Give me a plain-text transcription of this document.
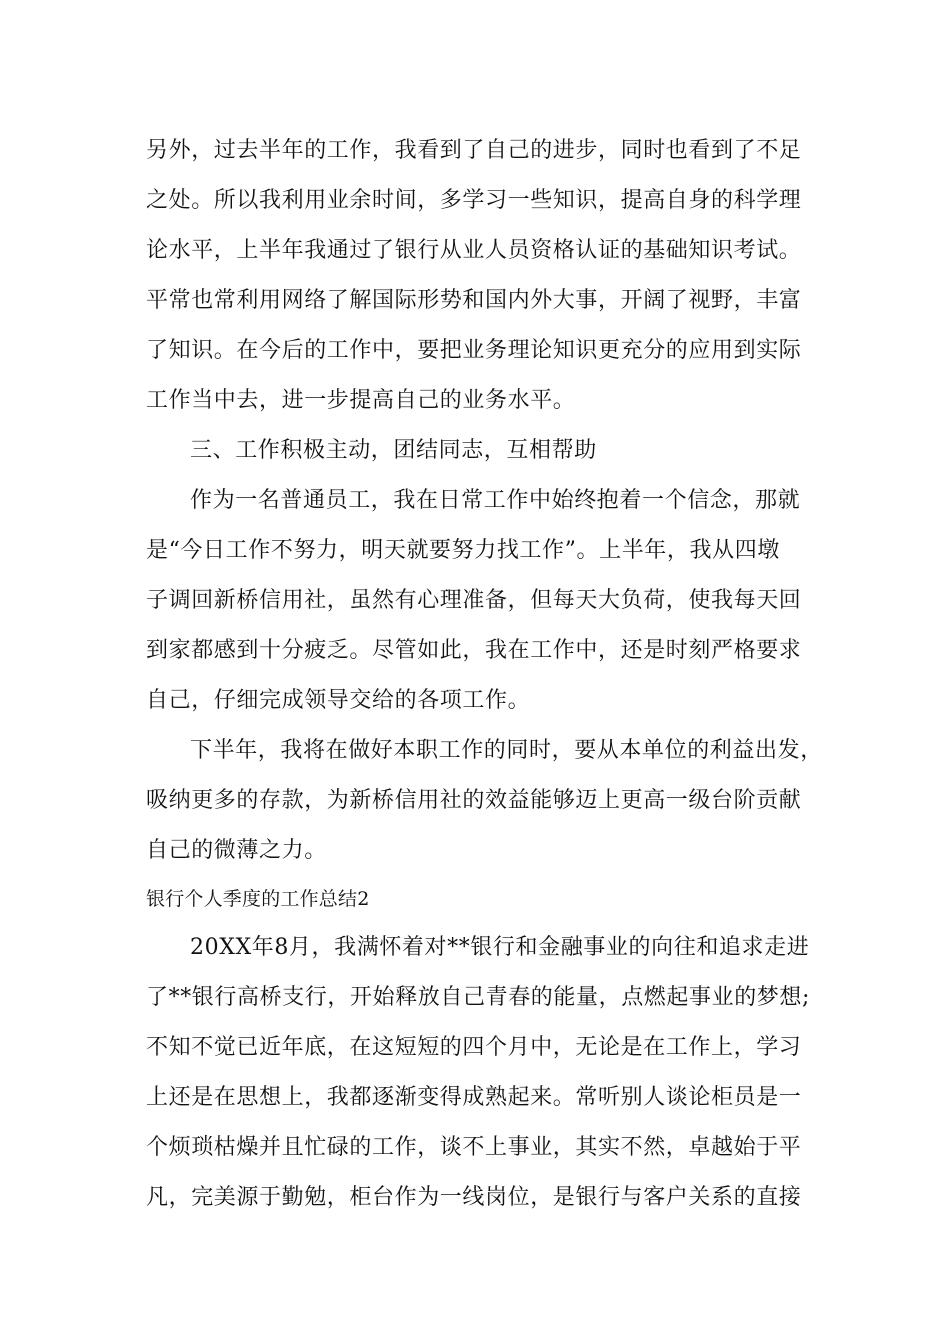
另外，过去半年的工作，我看到了自己的进步，同时也看到了不足
之处。所以我利用业余时间，多学习一些知识，提高自身的科学理
论水平，上半年我通过了银行从业人员资格认证的基础知识考试。
平常也常利用网络了解国际形势和国内外大事，开阔了视野，丰富
了知识。在今后的工作中，要把业务理论知识更充分的应用到实际
工作当中去，进一步提高自己的业务水平。
三、工作积极主动，团结同志，互相帮助
作为一名普通员工，我在日常工作中始终抱着一个信念，那就
是“今日工作不努力，明天就要努力找工作”。上半年，我从四墩
子调回新桥信用社，虽然有心理准备，但每天大负荷，使我每天回
到家都感到十分疲乏。尽管如此，我在工作中，还是时刻严格要求
自己，仔细完成领导交给的各项工作。
下半年，我将在做好本职工作的同时，要从本单位的利益出发，
吸纳更多的存款，为新桥信用社的效益能够迈上更高一级台阶贡献
自己的微薄之力。
银行个人季度的工作总结2
20XX年8月，我满怀着对**银行和金融事业的向往和追求走进
了**银行高桥支行，开始释放自己青春的能量，点燃起事业的梦想;
不知不觉已近年底，在这短短的四个月中，无论是在工作上，学习
上还是在思想上，我都逐渐变得成熟起来。常听别人谈论柜员是一
个烦琐枯燥并且忙碌的工作，谈不上事业，其实不然，卓越始于平
凡，完美源于勤勉，柜台作为一线岗位，是银行与客户关系的直接
